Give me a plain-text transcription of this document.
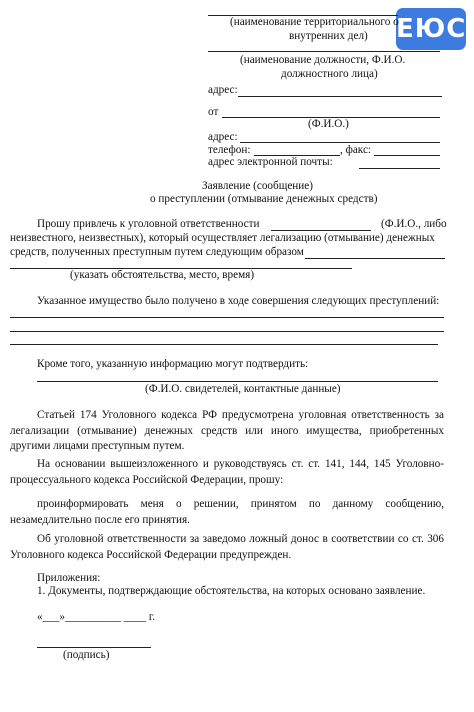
ЕЮС
(наименование территориального о
внутренних дел)
(наименование должности, Ф.И.О.
должностного лица)
адрес:
от
(Ф.И.О.)
адрес:
телефон:	, факс:
адрес электронной почты:
Заявление (сообщение)
о преступлении (отмывание денежных средств)
Прошу привлечь к уголовной ответственности	(Ф.И.О., либо
неизвестного, неизвестных), который осуществляет легализацию (отмывание) денежных
средств, полученных преступным путем следующим образом
(указать обстоятельства, место, время)
Указанное имущество было получено в ходе совершения следующих преступлений:
Кроме того, указанную информацию могут подтвердить:
(Ф.И.О. свидетелей, контактные данные)
Статьей 174 Уголовного кодекса РФ предусмотрена уголовная ответственность за легализации (отмывание) денежных средств или иного имущества, приобретенных другими лицами преступным путем.
На основании вышеизложенного и руководствуясь ст. ст. 141, 144, 145 Уголовно-процессуального кодекса Российской Федерации, прошу:
проинформировать меня о решении, принятом по данному сообщению, незамедлительно после его принятия.
Об уголовной ответственности за заведомо ложный донос в соответствии со ст. 306 Уголовного кодекса Российской Федерации предупрежден.
Приложения:
1. Документы, подтверждающие обстоятельства, на которых основано заявление.
«___»__________ ____ г.
(подпись)
